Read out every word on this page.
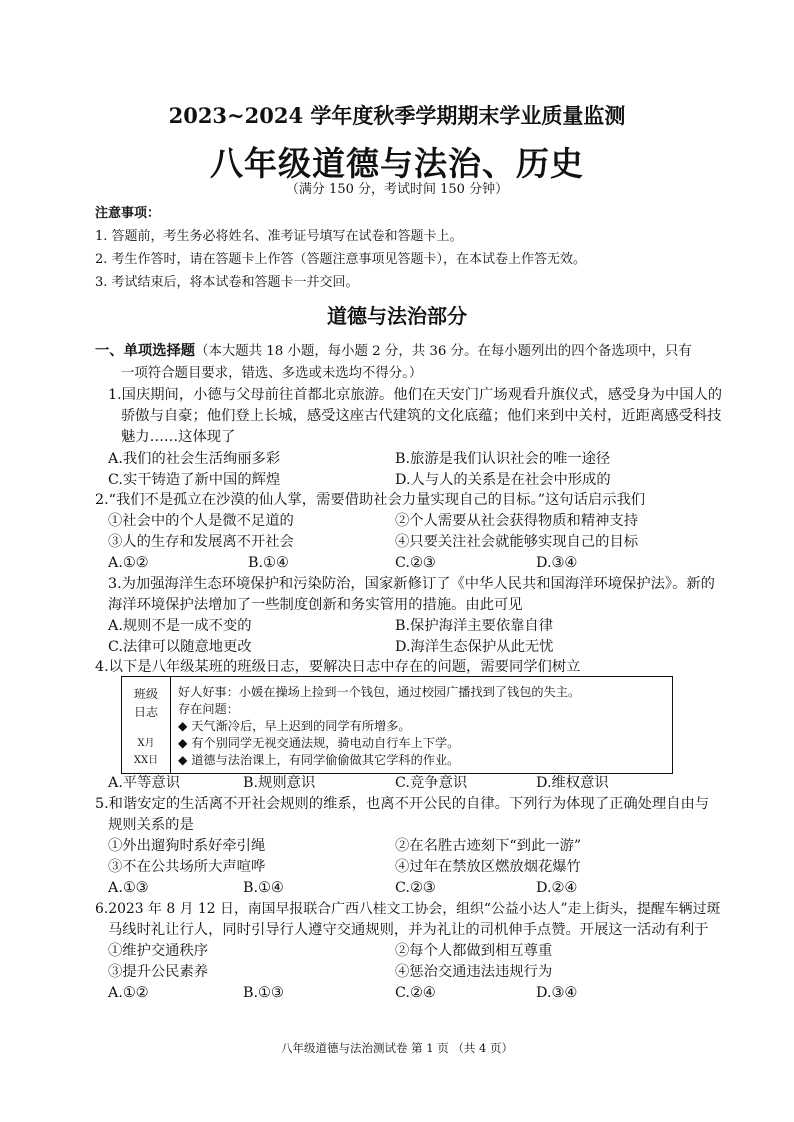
2023~2024 学年度秋季学期期末学业质量监测
八年级道德与法治、历史
（满分 150 分，考试时间 150 分钟）
注意事项：
1. 答题前，考生务必将姓名、准考证号填写在试卷和答题卡上。
2. 考生作答时，请在答题卡上作答（答题注意事项见答题卡），在本试卷上作答无效。
3. 考试结束后，将本试卷和答题卡一并交回。
道德与法治部分
一、单项选择题（本大题共 18 小题，每小题 2 分，共 36 分。在每小题列出的四个备选项中，只有
一项符合题目要求，错选、多选或未选均不得分。）
1.国庆期间，小德与父母前往首都北京旅游。他们在天安门广场观看升旗仪式，感受身为中国人的
骄傲与自豪；他们登上长城，感受这座古代建筑的文化底蕴；他们来到中关村，近距离感受科技
魅力……这体现了
A.我们的社会生活绚丽多彩	B.旅游是我们认识社会的唯一途径
C.实干铸造了新中国的辉煌	D.人与人的关系是在社会中形成的
2.“我们不是孤立在沙漠的仙人掌，需要借助社会力量实现自己的目标。”这句话启示我们
①社会中的个人是微不足道的	②个人需要从社会获得物质和精神支持
③人的生存和发展离不开社会	④只要关注社会就能够实现自己的目标
A.①②	B.①④	C.②③	D.③④
3.为加强海洋生态环境保护和污染防治，国家新修订了《中华人民共和国海洋环境保护法》。新的
海洋环境保护法增加了一些制度创新和务实管用的措施。由此可见
A.规则不是一成不变的	B.保护海洋主要依靠自律
C.法律可以随意地更改	D.海洋生态保护从此无忧
4.以下是八年级某班的班级日志，要解决日志中存在的问题，需要同学们树立
班级
日志
X月
XX日
好人好事：小媛在操场上捡到一个钱包，通过校园广播找到了钱包的失主。
存在问题：
◆ 天气渐冷后，早上迟到的同学有所增多。
◆ 有个别同学无视交通法规，骑电动自行车上下学。
◆ 道德与法治课上，有同学偷偷做其它学科的作业。
A.平等意识	B.规则意识	C.竞争意识	D.维权意识
5.和谐安定的生活离不开社会规则的维系，也离不开公民的自律。下列行为体现了正确处理自由与
规则关系的是
①外出遛狗时系好牵引绳	②在名胜古迹刻下“到此一游”
③不在公共场所大声喧哗	④过年在禁放区燃放烟花爆竹
A.①③	B.①④	C.②③	D.②④
6.2023 年 8 月 12 日，南国早报联合广西八桂文工协会，组织“公益小达人”走上街头，提醒车辆过斑
马线时礼让行人，同时引导行人遵守交通规则，并为礼让的司机伸手点赞。开展这一活动有利于
①维护交通秩序	②每个人都做到相互尊重
③提升公民素养	④惩治交通违法违规行为
A.①②	B.①③	C.②④	D.③④
八年级道德与法治测试卷 第 1 页 （共 4 页）
